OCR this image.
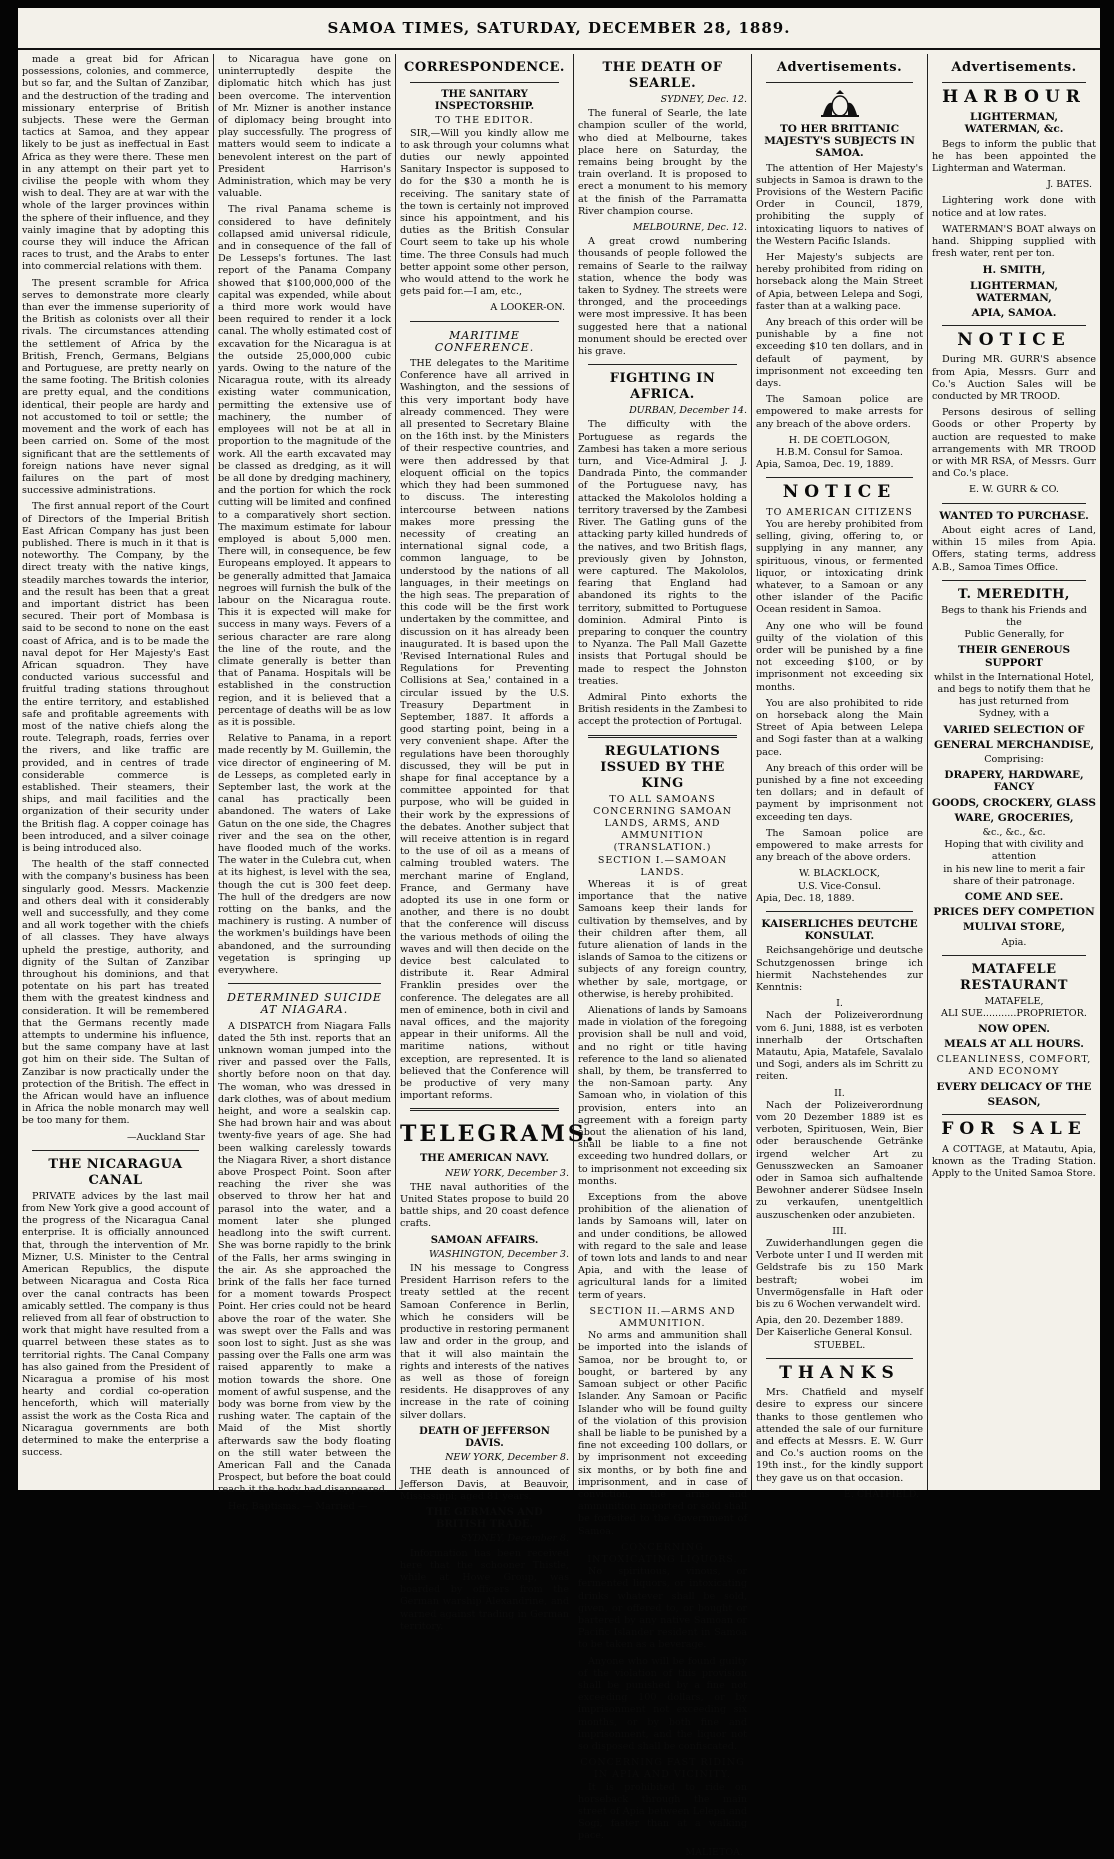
SAMOA TIMES, SATURDAY, DECEMBER 28, 1889.

made a great bid for African possessions, colonies, and commerce, but so far, and the Sultan of Zanzibar, and the destruction of the trading and missionary enterprise of British subjects. These were the German tactics at Samoa, and they appear likely to be just as ineffectual in East Africa as they were there. These men in any attempt on their part yet to civilise the people with whom they wish to deal. They are at war with the whole of the larger provinces within the sphere of their influence, and they vainly imagine that by adopting this course they will induce the African races to trust, and the Arabs to enter into commercial relations with them.

The present scramble for Africa serves to demonstrate more clearly than ever the immense superiority of the British as colonists over all their rivals. The circumstances attending the settlement of Africa by the British, French, Germans, Belgians and Portuguese, are pretty nearly on the same footing. The British colonies are pretty equal, and the conditions identical, their people are hardy and not accustomed to toil or settle; the movement and the work of each has been carried on. Some of the most significant that are the settlements of foreign nations have never signal failures on the part of most successive administrations.

The first annual report of the Court of Directors of the Imperial British East African Company has just been published. There is much in it that is noteworthy. The Company, by the direct treaty with the native kings, steadily marches towards the interior, and the result has been that a great and important district has been secured. Their port of Mombasa is said to be second to none on the east coast of Africa, and is to be made the naval depot for Her Majesty's East African squadron. They have conducted various successful and fruitful trading stations throughout the entire territory, and established safe and profitable agreements with most of the native chiefs along the route. Telegraph, roads, ferries over the rivers, and like traffic are provided, and in centres of trade considerable commerce is established. Their steamers, their ships, and mail facilities and the organization of their security under the British flag. A copper coinage has been introduced, and a silver coinage is being introduced also.

The health of the staff connected with the company's business has been singularly good. Messrs. Mackenzie and others deal with it considerably well and successfully, and they come and all work together with the chiefs of all classes. They have always upheld the prestige, authority, and dignity of the Sultan of Zanzibar throughout his dominions, and that potentate on his part has treated them with the greatest kindness and consideration. It will be remembered that the Germans recently made attempts to undermine his influence, but the same company have at last got him on their side. The Sultan of Zanzibar is now practically under the protection of the British. The effect in the African would have an influence in Africa the noble monarch may well be too many for them.

—Auckland Star
THE NICARAGUA CANAL

PRIVATE advices by the last mail from New York give a good account of the progress of the Nicaragua Canal enterprise. It is officially announced that, through the intervention of Mr. Mizner, U.S. Minister to the Central American Republics, the dispute between Nicaragua and Costa Rica over the canal contracts has been amicably settled. The company is thus relieved from all fear of obstruction to work that might have resulted from a quarrel between these states as to territorial rights. The Canal Company has also gained from the President of Nicaragua a promise of his most hearty and cordial co-operation henceforth, which will materially assist the work as the Costa Rica and Nicaragua governments are both determined to make the enterprise a success.

to Nicaragua have gone on uninterruptedly despite the diplomatic hitch which has just been overcome. The intervention of Mr. Mizner is another instance of diplomacy being brought into play successfully. The progress of matters would seem to indicate a benevolent interest on the part of President Harrison's Administration, which may be very valuable.

The rival Panama scheme is considered to have definitely collapsed amid universal ridicule, and in consequence of the fall of De Lesseps's fortunes. The last report of the Panama Company showed that $100,000,000 of the capital was expended, while about a third more work would have been required to render it a lock canal. The wholly estimated cost of excavation for the Nicaragua is at the outside 25,000,000 cubic yards. Owing to the nature of the Nicaragua route, with its already existing water communication, permitting the extensive use of machinery, the number of employees will not be at all in proportion to the magnitude of the work. All the earth excavated may be classed as dredging, as it will be all done by dredging machinery, and the portion for which the rock cutting will be limited and confined to a comparatively short section. The maximum estimate for labour employed is about 5,000 men. There will, in consequence, be few Europeans employed. It appears to be generally admitted that Jamaica negroes will furnish the bulk of the labour on the Nicaragua route. This it is expected will make for success in many ways. Fevers of a serious character are rare along the line of the route, and the climate generally is better than that of Panama. Hospitals will be established in the construction region, and it is believed that a percentage of deaths will be as low as it is possible.

Relative to Panama, in a report made recently by M. Guillemin, the vice director of engineering of M. de Lesseps, as completed early in September last, the work at the canal has practically been abandoned. The waters of Lake Gatun on the one side, the Chagres river and the sea on the other, have flooded much of the works. The water in the Culebra cut, when at its highest, is level with the sea, though the cut is 300 feet deep. The hull of the dredgers are now rotting on the banks, and the machinery is rusting. A number of the workmen's buildings have been abandoned, and the surrounding vegetation is springing up everywhere.

DETERMINED SUICIDE AT NIAGARA.

A DISPATCH from Niagara Falls dated the 5th inst. reports that an unknown woman jumped into the river and passed over the Falls, shortly before noon on that day. The woman, who was dressed in dark clothes, was of about medium height, and wore a sealskin cap. She had brown hair and was about twenty-five years of age. She had been walking carelessly towards the Niagara River, a short distance above Prospect Point. Soon after reaching the river she was observed to throw her hat and parasol into the water, and a moment later she plunged headlong into the swift current. She was borne rapidly to the brink of the Falls, her arms swinging in the air. As she approached the brink of the falls her face turned for a moment towards Prospect Point. Her cries could not be heard above the roar of the water. She was swept over the Falls and was soon lost to sight. Just as she was passing over the Falls one arm was raised apparently to make a motion towards the shore. One moment of awful suspense, and the body was borne from view by the rushing water. The captain of the Maid of the Mist shortly afterwards saw the body floating on the still water between the American Fall and the Canada Prospect, but before the boat could reach it the body had disappeared.

Her, Baptisms. — Married —

CORRESPONDENCE.
THE SANITARY INSPECTORSHIP.
TO THE EDITOR.

SIR,—Will you kindly allow me to ask through your columns what duties our newly appointed Sanitary Inspector is supposed to do for the $30 a month he is receiving. The sanitary state of the town is certainly not improved since his appointment, and his duties as the British Consular Court seem to take up his whole time. The three Consuls had much better appoint some other person, who would attend to the work he gets paid for.—I am, etc.,

A LOOKER-ON.
MARITIME CONFERENCE.

THE delegates to the Maritime Conference have all arrived in Washington, and the sessions of this very important body have already commenced. They were all presented to Secretary Blaine on the 16th inst. by the Ministers of their respective countries, and were then addressed by that eloquent official on the topics which they had been summoned to discuss. The interesting intercourse between nations makes more pressing the necessity of creating an international signal code, a common language, to be understood by the nations of all languages, in their meetings on the high seas. The preparation of this code will be the first work undertaken by the committee, and discussion on it has already been inaugurated. It is based upon the 'Revised International Rules and Regulations for Preventing Collisions at Sea,' contained in a circular issued by the U.S. Treasury Department in September, 1887. It affords a good starting point, being in a very convenient shape. After the regulations have been thoroughly discussed, they will be put in shape for final acceptance by a committee appointed for that purpose, who will be guided in their work by the expressions of the debates. Another subject that will receive attention is in regard to the use of oil as a means of calming troubled waters. The merchant marine of England, France, and Germany have adopted its use in one form or another, and there is no doubt that the conference will discuss the various methods of oiling the waves and will then decide on the device best calculated to distribute it. Rear Admiral Franklin presides over the conference. The delegates are all men of eminence, both in civil and naval offices, and the majority appear in their uniforms. All the maritime nations, without exception, are represented. It is believed that the Conference will be productive of very many important reforms.

TELEGRAMS.
THE AMERICAN NAVY.
NEW YORK, December 3.

THE naval authorities of the United States propose to build 20 battle ships, and 20 coast defence crafts.

SAMOAN AFFAIRS.
WASHINGTON, December 3.

IN his message to Congress President Harrison refers to the treaty settled at the recent Samoan Conference in Berlin, which he considers will be productive in restoring permanent law and order in the group, and that it will also maintain the rights and interests of the natives as well as those of foreign residents. He disapproves of any increase in the rate of coining silver dollars.

DEATH OF JEFFERSON DAVIS.
NEW YORK, December 8.

THE death is announced of Jefferson Davis, at Beauvoir, Mississippi; aged 81 years.

THE GERMANS AND BRITISH TRADE.
SYDNEY, December 8.

Information has been received here that the schooner Thistle, while at Howe Group, was boarded by officers from the German warship Alexandrine, and warned against trading in German territory.

THE DEATH OF SEARLE.
SYDNEY, Dec. 12.

The funeral of Searle, the late champion sculler of the world, who died at Melbourne, takes place here on Saturday, the remains being brought by the train overland. It is proposed to erect a monument to his memory at the finish of the Parramatta River champion course.

MELBOURNE, Dec. 12.

A great crowd numbering thousands of people followed the remains of Searle to the railway station, whence the body was taken to Sydney. The streets were thronged, and the proceedings were most impressive. It has been suggested here that a national monument should be erected over his grave.

FIGHTING IN AFRICA.
DURBAN, December 14.

The difficulty with the Portuguese as regards the Zambesi has taken a more serious turn, and Vice-Admiral J. J. Dandrada Pinto, the commander of the Portuguese navy, has attacked the Makololos holding a territory traversed by the Zambesi River. The Gatling guns of the attacking party killed hundreds of the natives, and two British flags, previously given by Johnston, were captured. The Makololos, fearing that England had abandoned its rights to the territory, submitted to Portuguese dominion. Admiral Pinto is preparing to conquer the country to Nyanza. The Pall Mall Gazette insists that Portugal should be made to respect the Johnston treaties.

Admiral Pinto exhorts the British residents in the Zambesi to accept the protection of Portugal.

REGULATIONS ISSUED BY THE KING
TO ALL SAMOANS
CONCERNING SAMOAN LANDS, ARMS, AND AMMUNITION
(TRANSLATION.)
SECTION I.—SAMOAN LANDS.

Whereas it is of great importance that the native Samoans keep their lands for cultivation by themselves, and by their children after them, all future alienation of lands in the islands of Samoa to the citizens or subjects of any foreign country, whether by sale, mortgage, or otherwise, is hereby prohibited.

Alienations of lands by Samoans made in violation of the foregoing provision shall be null and void, and no right or title having reference to the land so alienated shall, by them, be transferred to the non-Samoan party. Any Samoan who, in violation of this provision, enters into an agreement with a foreign party about the alienation of his land, shall be liable to a fine not exceeding two hundred dollars, or to imprisonment not exceeding six months.

Exceptions from the above prohibition of the alienation of lands by Samoans will, later on and under conditions, be allowed with regard to the sale and lease of town lots and lands to and near Apia, and with the lease of agricultural lands for a limited term of years.

SECTION II.—ARMS AND AMMUNITION.

No arms and ammunition shall be imported into the islands of Samoa, nor be brought to, or bought, or bartered by any Samoan subject or other Pacific Islander. Any Samoan or Pacific Islander who will be found guilty of the violation of this provision shall be liable to be punished by a fine not exceeding 100 dollars, or by imprisonment not exceeding six months, or by both fine and imprisonment, and in case of conviction, the arms and ammunition imported or sold shall be forfeited to the Government of Samoa.

CONCERNING INTOXICATING LIQUORS.

No spirituous, vinous, or fermented liquors, or intoxicating drinks whatever shall be sold, given, or offered to, or bought or bartered by any native Samoan or Pacific Islander resident in Samoa to be taken as a beverage.

Anyone who will be found guilty of the violation of this provision shall be punished by a fine not exceeding 100 dollars, or by imprisonment not exceeding six months, or by both fine and imprisonment, and the liquor not so disposed shall be confiscated.

CONCERNING FAST RIDING IN APIA AND VICINITY.

It is prohibited to ride on horseback through the main street of Apia between Lelepa and Sogi, faster than at a walking pace.

MALIETOA.
Advertisements.
TO HER BRITTANIC MAJESTY'S SUBJECTS IN SAMOA.

The attention of Her Majesty's subjects in Samoa is drawn to the Provisions of the Western Pacific Order in Council, 1879, prohibiting the supply of intoxicating liquors to natives of the Western Pacific Islands.

Her Majesty's subjects are hereby prohibited from riding on horseback along the Main Street of Apia, between Lelepa and Sogi, faster than at a walking pace.

Any breach of this order will be punishable by a fine not exceeding $10 ten dollars, and in default of payment, by imprisonment not exceeding ten days.

The Samoan police are empowered to make arrests for any breach of the above orders.

H. DE COETLOGON,
H.B.M. Consul for Samoa.
Apia, Samoa, Dec. 19, 1889.
NOTICE
TO AMERICAN CITIZENS

You are hereby prohibited from selling, giving, offering to, or supplying in any manner, any spirituous, vinous, or fermented liquor, or intoxicating drink whatever, to a Samoan or any other islander of the Pacific Ocean resident in Samoa.

Any one who will be found guilty of the violation of this order will be punished by a fine not exceeding $100, or by imprisonment not exceeding six months.

You are also prohibited to ride on horseback along the Main Street of Apia between Lelepa and Sogi faster than at a walking pace.

Any breach of this order will be punished by a fine not exceeding ten dollars; and in default of payment by imprisonment not exceeding ten days.

The Samoan police are empowered to make arrests for any breach of the above orders.

W. BLACKLOCK,
U.S. Vice-Consul.
Apia, Dec. 18, 1889.
KAISERLICHES DEUTCHE KONSULAT.

Reichsangehörige und deutsche Schutzgenossen bringe ich hiermit Nachstehendes zur Kenntnis:

I.

Nach der Polizeiverordnung vom 6. Juni, 1888, ist es verboten innerhalb der Ortschaften Matautu, Apia, Matafele, Savalalo und Sogi, anders als im Schritt zu reiten.

II.

Nach der Polizeiverordnung vom 20 Dezember 1889 ist es verboten, Spirituosen, Wein, Bier oder berauschende Getränke irgend welcher Art zu Genusszwecken an Samoaner oder in Samoa sich aufhaltende Bewohner anderer Südsee Inseln zu verkaufen, unentgeltlich auszuschenken oder anzubieten.

III.

Zuwiderhandlungen gegen die Verbote unter I und II werden mit Geldstrafe bis zu 150 Mark bestraft; wobei im Unvermögensfalle in Haft oder bis zu 6 Wochen verwandelt wird.

Apia, den 20. Dezember 1889.
Der Kaiserliche General Konsul.
STUEBEL.
THANKS

Mrs. Chatfield and myself desire to express our sincere thanks to those gentlemen who attended the sale of our furniture and effects at Messrs. E. W. Gurr and Co.'s auction rooms on the 19th inst., for the kindly support they gave us on that occasion.

E. CHATFIELD.
Advertisements.
HARBOUR
LIGHTERMAN, WATERMAN, &c.

Begs to inform the public that he has been appointed the Lighterman and Waterman.

J. BATES.

Lightering work done with notice and at low rates.

WATERMAN'S BOAT always on hand. Shipping supplied with fresh water, rent per ton.

H. SMITH,
LIGHTERMAN, WATERMAN,
APIA, SAMOA.
NOTICE

During MR. GURR'S absence from Apia, Messrs. Gurr and Co.'s Auction Sales will be conducted by MR TROOD.

Persons desirous of selling Goods or other Property by auction are requested to make arrangements with MR TROOD or with MR RSA, of Messrs. Gurr and Co.'s place.

E. W. GURR & CO.
WANTED TO PURCHASE.

About eight acres of Land, within 15 miles from Apia. Offers, stating terms, address A.B., Samoa Times Office.

T. MEREDITH,
Begs to thank his Friends and the
Public Generally, for
THEIR GENEROUS SUPPORT
whilst in the International Hotel, and begs to notify them that he has just returned from
Sydney, with a
VARIED SELECTION OF
GENERAL MERCHANDISE,
Comprising:
DRAPERY, HARDWARE, FANCY
GOODS, CROCKERY, GLASS
WARE, GROCERIES,
&c., &c., &c.
Hoping that with civility and attention
in his new line to merit a fair
share of their patronage.
COME AND SEE.
PRICES DEFY COMPETION
MULIVAI STORE,
Apia.
MATAFELE RESTAURANT
MATAFELE,
ALI SUE...........PROPRIETOR.
NOW OPEN.
MEALS AT ALL HOURS.
CLEANLINESS, COMFORT, AND ECONOMY
EVERY DELICACY OF THE
SEASON,
FOR SALE

A COTTAGE, at Matautu, Apia, known as the Trading Station. Apply to the United Samoa Store.
